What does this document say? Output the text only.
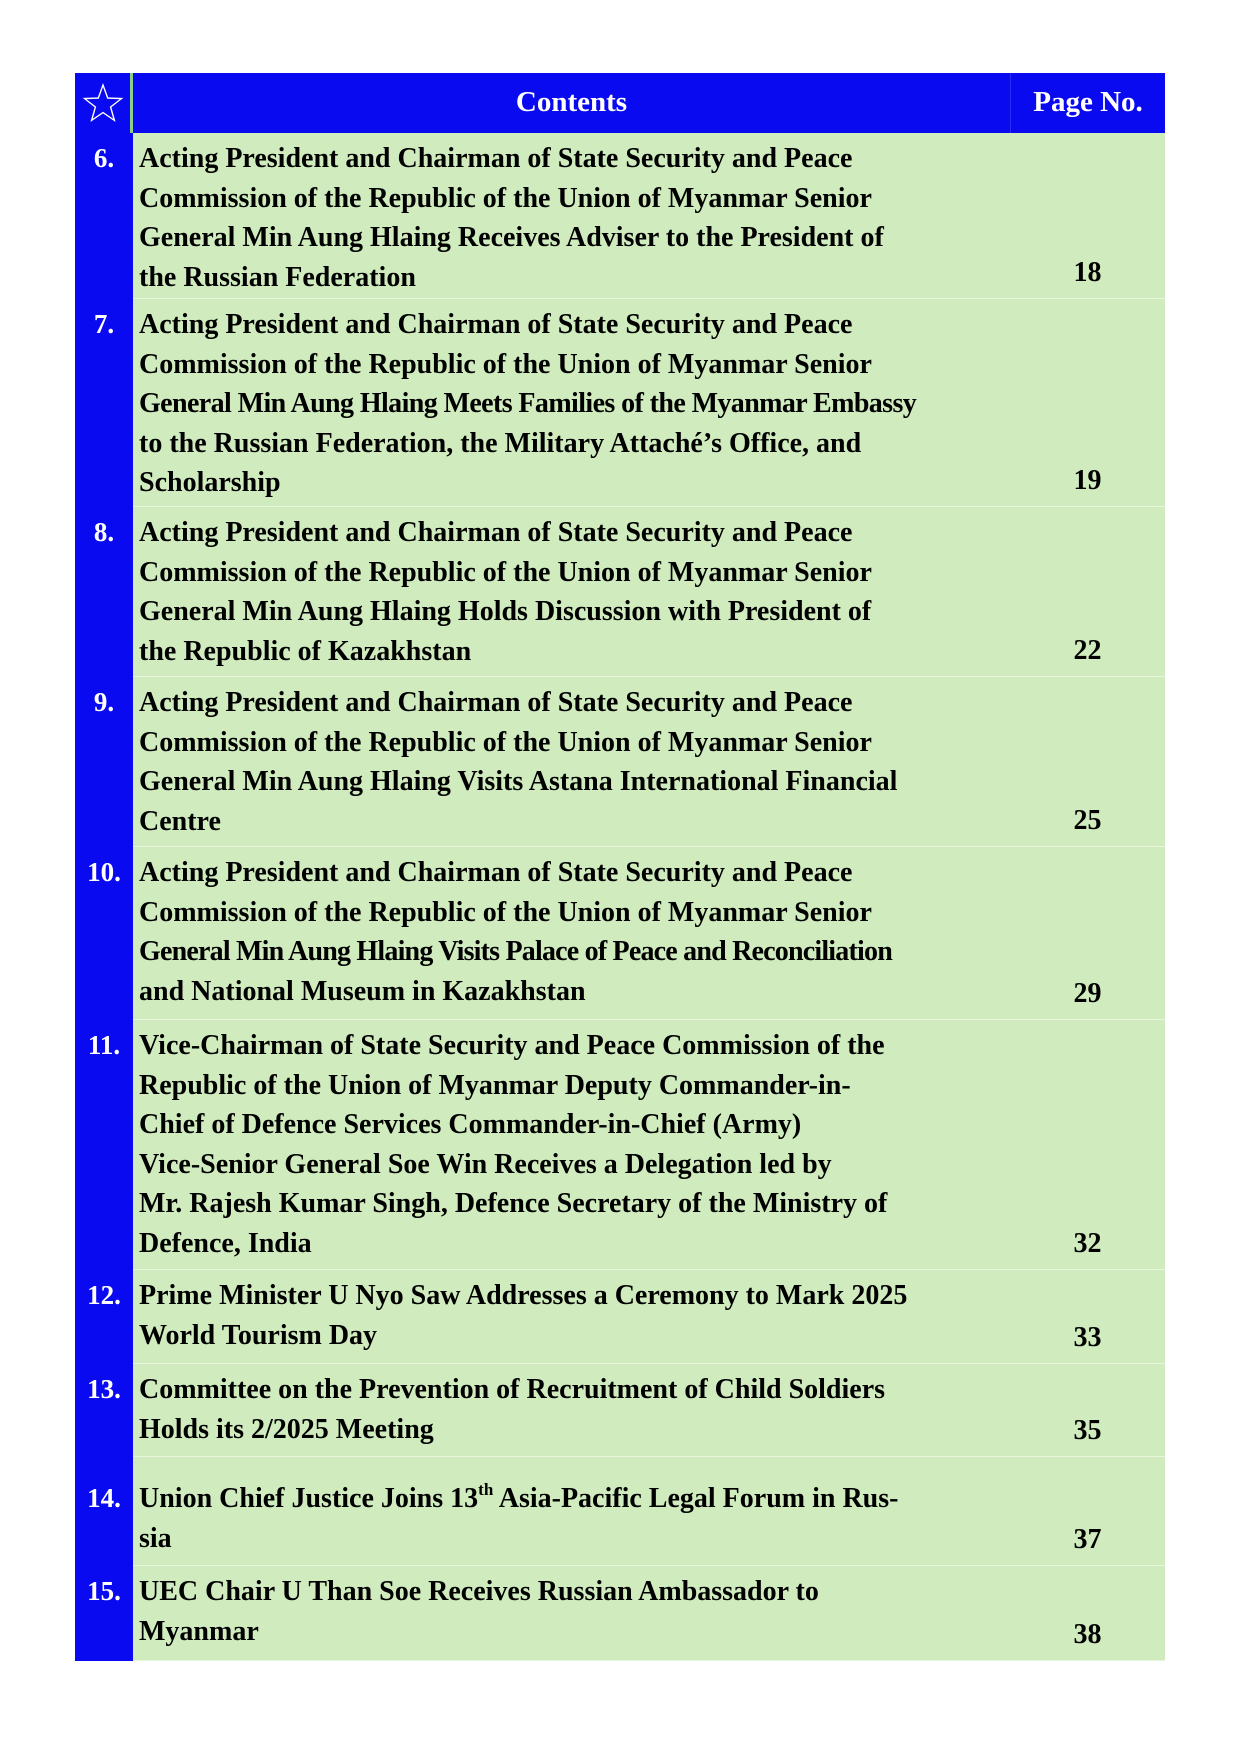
Contents	Page No.
6. Acting President and Chairman of State Security and Peace
Commission of the Republic of the Union of Myanmar Senior
General Min Aung Hlaing Receives Adviser to the President of
the Russian Federation	18
7. Acting President and Chairman of State Security and Peace
Commission of the Republic of the Union of Myanmar Senior
General Min Aung Hlaing Meets Families of the Myanmar Embassy
to the Russian Federation, the Military Attaché’s Office, and
Scholarship	19
8. Acting President and Chairman of State Security and Peace
Commission of the Republic of the Union of Myanmar Senior
General Min Aung Hlaing Holds Discussion with President of
the Republic of Kazakhstan	22
9. Acting President and Chairman of State Security and Peace
Commission of the Republic of the Union of Myanmar Senior
General Min Aung Hlaing Visits Astana International Financial
Centre	25
10. Acting President and Chairman of State Security and Peace
Commission of the Republic of the Union of Myanmar Senior
General Min Aung Hlaing Visits Palace of Peace and Reconciliation
and National Museum in Kazakhstan	29
11. Vice-Chairman of State Security and Peace Commission of the
Republic of the Union of Myanmar Deputy Commander-in-
Chief of Defence Services Commander-in-Chief (Army)
Vice-Senior General Soe Win Receives a Delegation led by
Mr. Rajesh Kumar Singh, Defence Secretary of the Ministry of
Defence, India	32
12. Prime Minister U Nyo Saw Addresses a Ceremony to Mark 2025
World Tourism Day	33
13. Committee on the Prevention of Recruitment of Child Soldiers
Holds its 2/2025 Meeting	35
14. Union Chief Justice Joins 13th Asia-Pacific Legal Forum in Rus-
sia	37
15. UEC Chair U Than Soe Receives Russian Ambassador to
Myanmar	38
